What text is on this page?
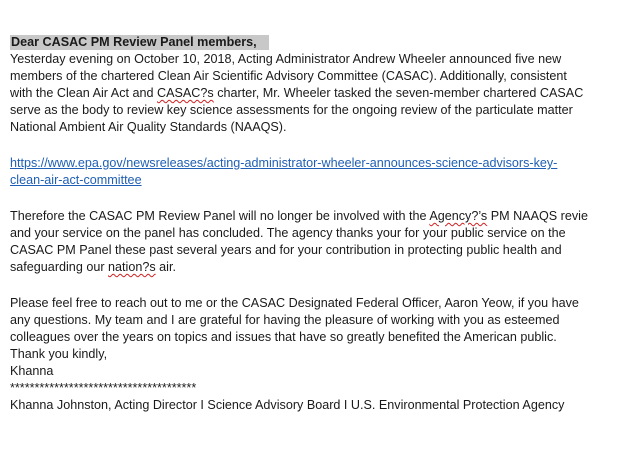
Dear CASAC PM Review Panel members,
Yesterday evening on October 10, 2018, Acting Administrator Andrew Wheeler announced five new
members of the chartered Clean Air Scientific Advisory Committee (CASAC). Additionally, consistent
with the Clean Air Act and CASAC?s charter, Mr. Wheeler tasked the seven-member chartered CASAC
serve as the body to review key science assessments for the ongoing review of the particulate matter
National Ambient Air Quality Standards (NAAQS).
https://www.epa.gov/newsreleases/acting-administrator-wheeler-announces-science-advisors-key-
clean-air-act-committee
Therefore the CASAC PM Review Panel will no longer be involved with the Agency?’s PM NAAQS revie
and your service on the panel has concluded. The agency thanks your for your public service on the
CASAC PM Panel these past several years and for your contribution in protecting public health and
safeguarding our nation?s air.
Please feel free to reach out to me or the CASAC Designated Federal Officer, Aaron Yeow, if you have
any questions. My team and I are grateful for having the pleasure of working with you as esteemed
colleagues over the years on topics and issues that have so greatly benefited the American public.
Thank you kindly,
Khanna
**************************************
Khanna Johnston, Acting Director I Science Advisory Board I U.S. Environmental Protection Agency
